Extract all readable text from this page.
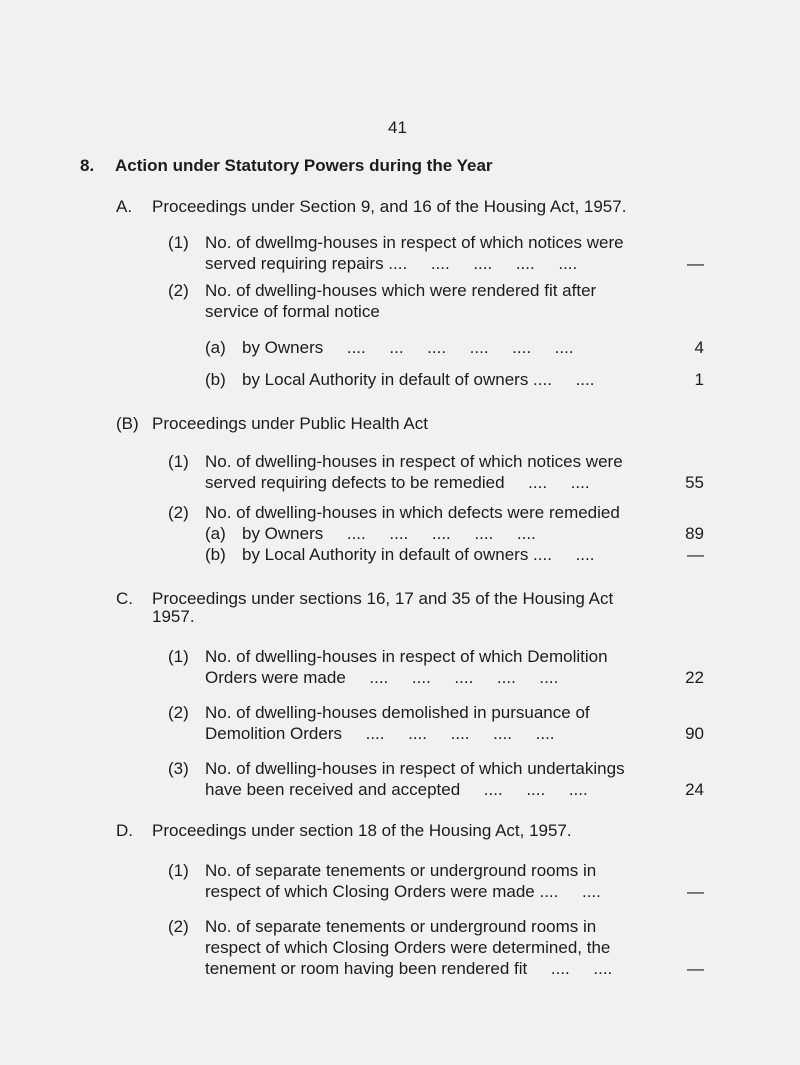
41
8. Action under Statutory Powers during the Year
A. Proceedings under Section 9, and 16 of the Housing Act, 1957.
(1) No. of dwellmg-houses in respect of which notices were
served requiring repairs ....     ....     ....     ....     ....	—
(2) No. of dwelling-houses which were rendered fit after
service of formal notice
(a) by Owners     ....     ...     ....     ....     ....     ....	4
(b) by Local Authority in default of owners ....     ....	1
(B) Proceedings under Public Health Act
(1) No. of dwelling-houses in respect of which notices were
served requiring defects to be remedied     ....     ....	55
(2) No. of dwelling-houses in which defects were remedied
(a) by Owners     ....     ....     ....     ....     ....	89
(b) by Local Authority in default of owners ....     ....	—
C. Proceedings under sections 16, 17 and 35 of the Housing Act
1957.
(1) No. of dwelling-houses in respect of which Demolition
Orders were made     ....     ....     ....     ....     ....	22
(2) No. of dwelling-houses demolished in pursuance of
Demolition Orders     ....     ....     ....     ....     ....	90
(3) No. of dwelling-houses in respect of which undertakings
have been received and accepted     ....     ....     ....	24
D. Proceedings under section 18 of the Housing Act, 1957.
(1) No. of separate tenements or underground rooms in
respect of which Closing Orders were made ....     ....	—
(2) No. of separate tenements or underground rooms in
respect of which Closing Orders were determined, the
tenement or room having been rendered fit     ....     ....	—
